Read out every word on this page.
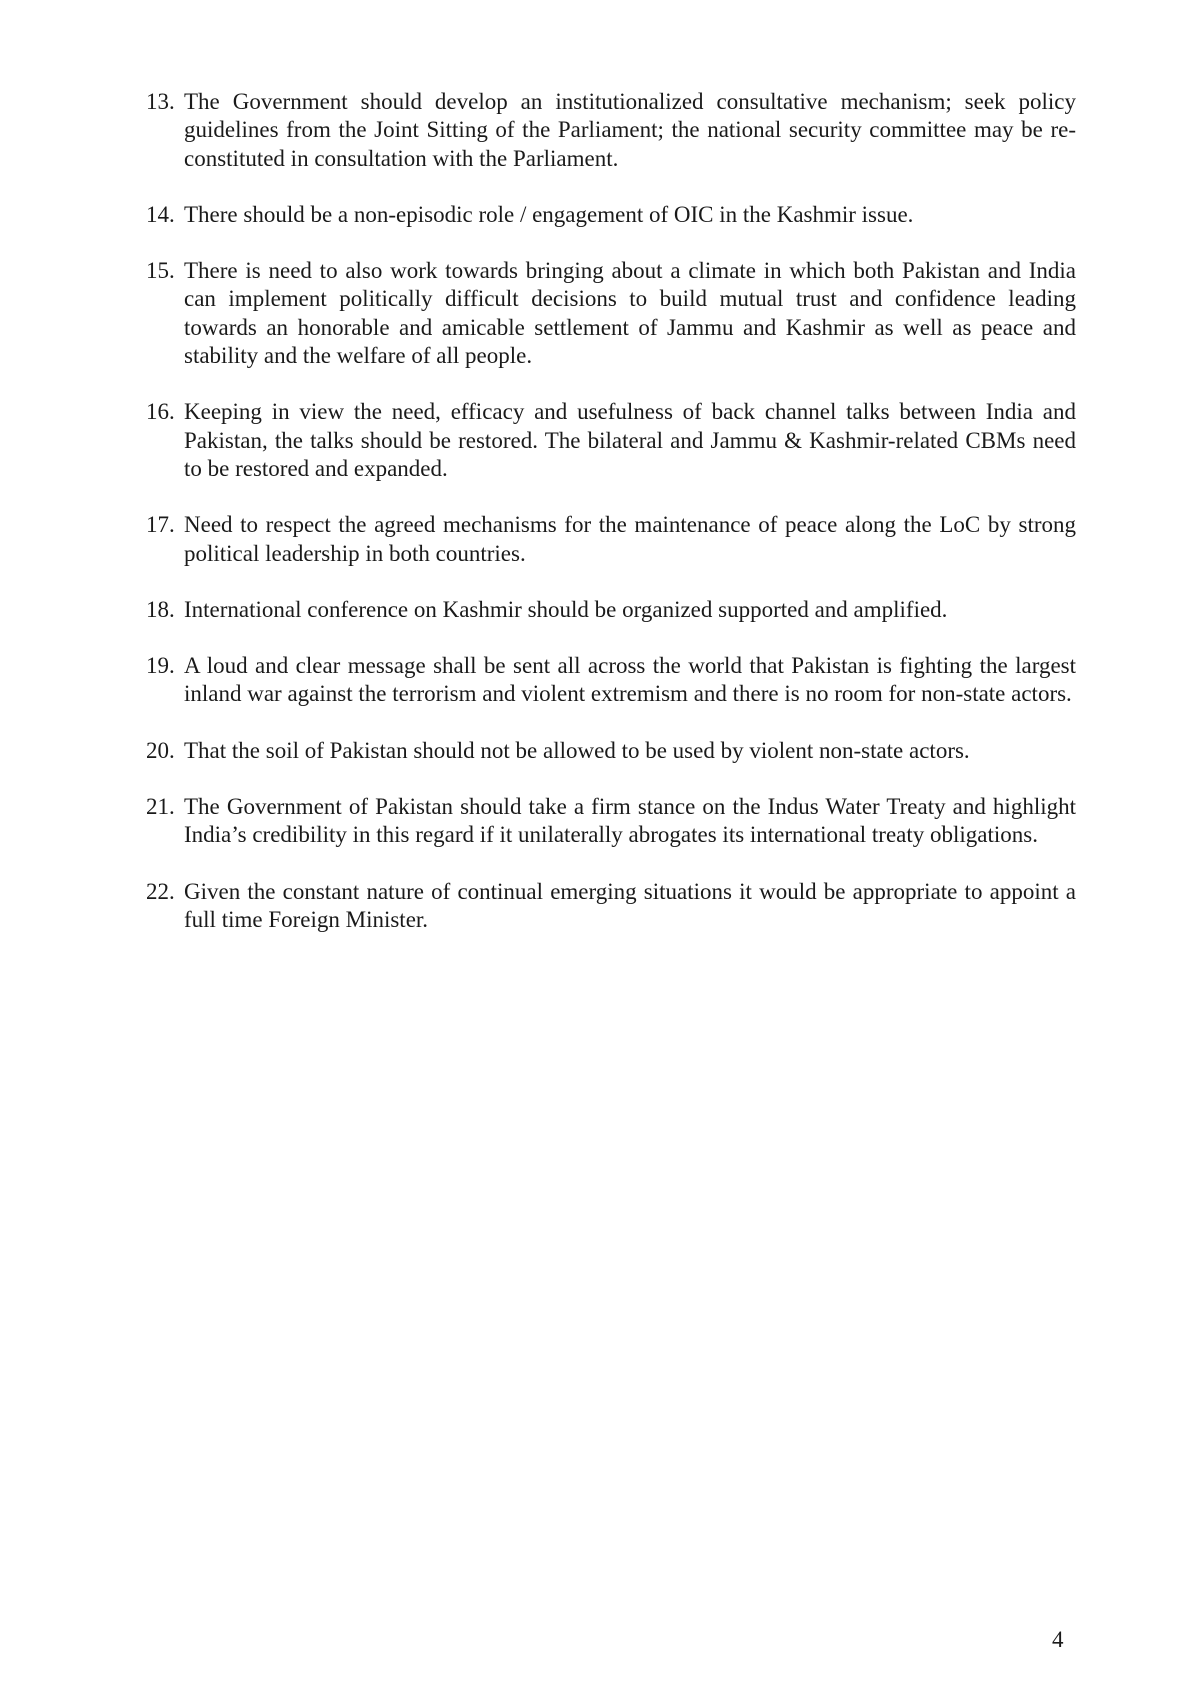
13. The Government should develop an institutionalized consultative mechanism; seek policy guidelines from the Joint Sitting of the Parliament; the national security committee may be re-constituted in consultation with the Parliament.
14. There should be a non-episodic role / engagement of OIC in the Kashmir issue.
15. There is need to also work towards bringing about a climate in which both Pakistan and India can implement politically difficult decisions to build mutual trust and confidence leading towards an honorable and amicable settlement of Jammu and Kashmir as well as peace and stability and the welfare of all people.
16. Keeping in view the need, efficacy and usefulness of back channel talks between India and Pakistan, the talks should be restored. The bilateral and Jammu & Kashmir-related CBMs need to be restored and expanded.
17. Need to respect the agreed mechanisms for the maintenance of peace along the LoC by strong political leadership in both countries.
18. International conference on Kashmir should be organized supported and amplified.
19. A loud and clear message shall be sent all across the world that Pakistan is fighting the largest inland war against the terrorism and violent extremism and there is no room for non-state actors.
20. That the soil of Pakistan should not be allowed to be used by violent non-state actors.
21. The Government of Pakistan should take a firm stance on the Indus Water Treaty and highlight India’s credibility in this regard if it unilaterally abrogates its international treaty obligations.
22. Given the constant nature of continual emerging situations it would be appropriate to appoint a full time Foreign Minister.
4
